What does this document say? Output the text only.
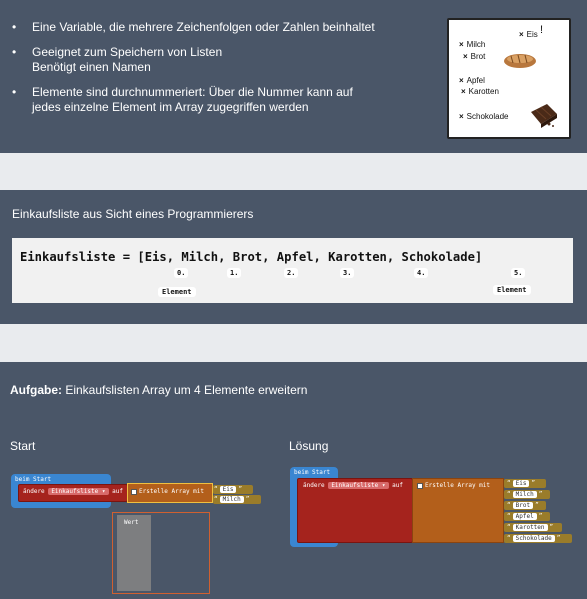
• Eine Variable, die mehrere Zeichenfolgen oder Zahlen beinhaltet
• Geeignet zum Speichern von Listen
Benötigt einen Namen
• Elemente sind durchnummeriert: Über die Nummer kann auf
jedes einzelne Element im Array zugegriffen werden
× Eis !
× Milch
× Brot
× Apfel
× Karotten
× Schokolade
Einkaufsliste aus Sicht eines Programmierers
Einkaufsliste = [Eis, Milch, Brot, Apfel, Karotten, Schokolade]
0.	1.	2.	3.	4.	5.
Element	Element
Aufgabe: Einkaufslisten Array um 4 Elemente erweitern
Start	Lösung
beim Start
ändere Einkaufsliste ▾ auf	Erstelle Array mit “ Eis ”
“ Milch ”
Wert
beim Start
ändere Einkaufsliste ▾ auf	Erstelle Array mit	“ Eis ”
“ Milch ”
“ Brot ”
“ Apfel ”
“ Karotten ”
“ Schokolade ”
